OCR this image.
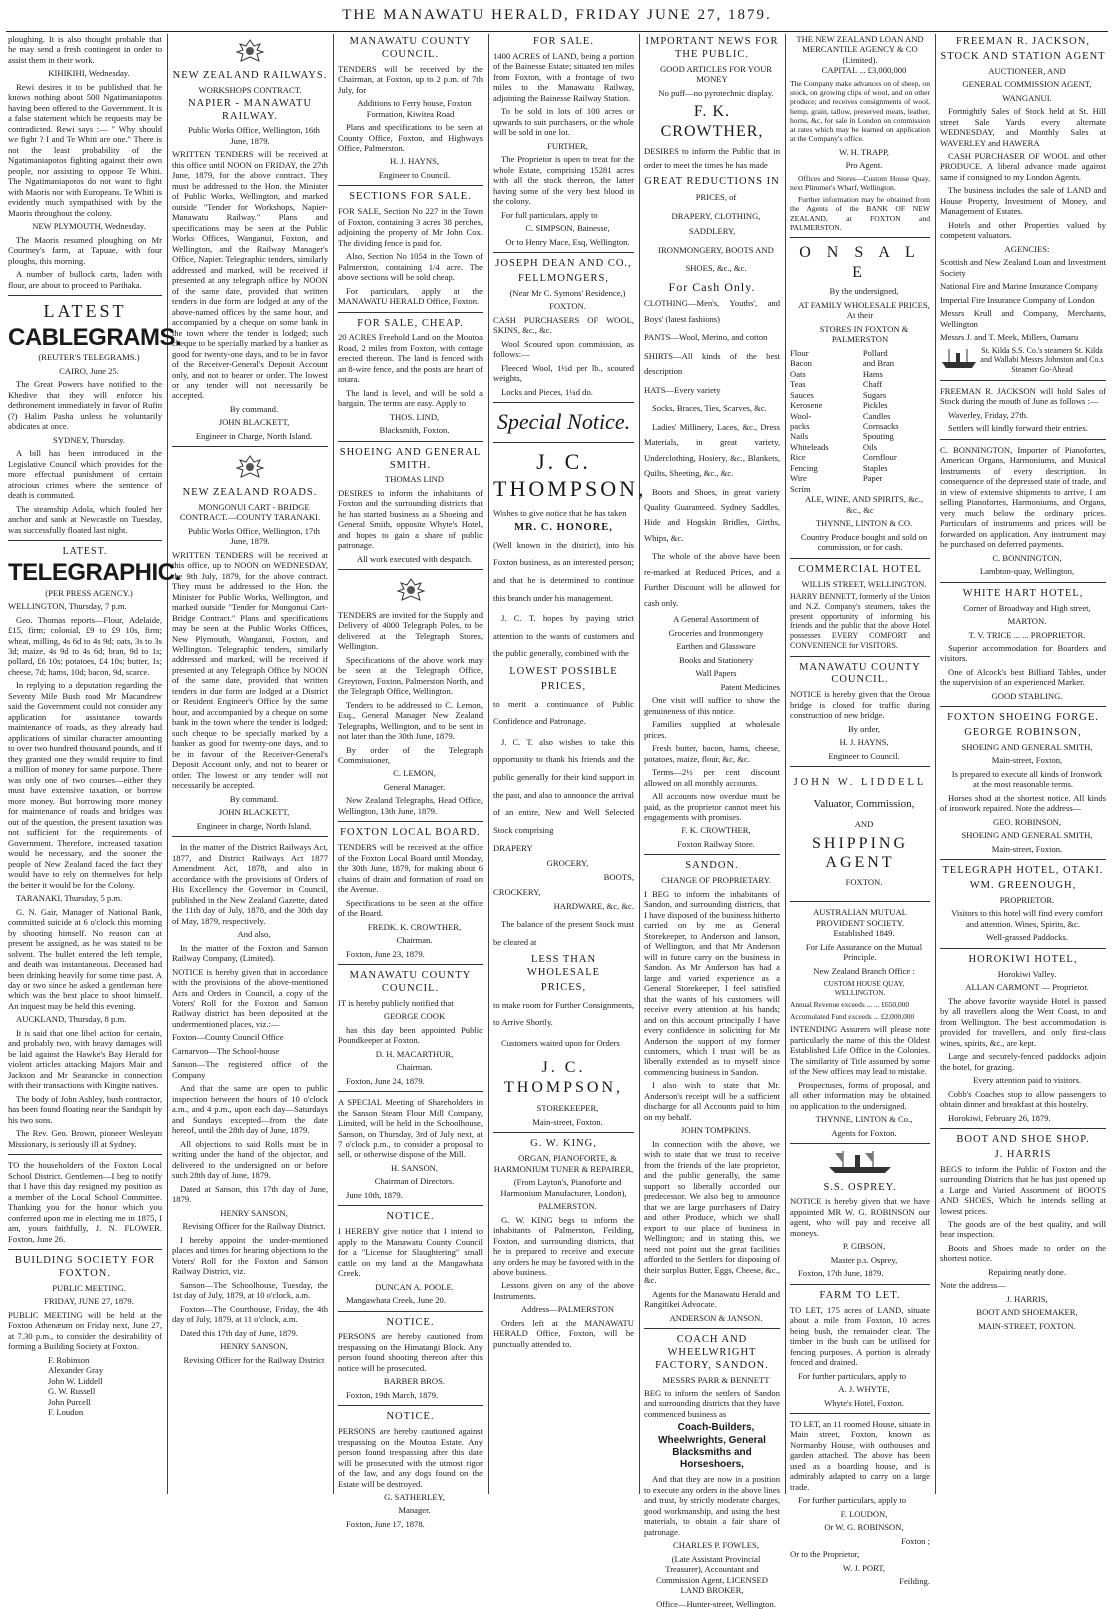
THE MANAWATU HERALD, FRIDAY JUNE 27, 1879.

ploughing. It is also thought probable that he may send a fresh contingent in order to assist them in their work.

KIHIKIHI, Wednesday.

Rewi desires it to be published that he knows nothing about 500 Ngatimaniapotos having been offered to the Government. It is a false statement which he requests may be contradicted. Rewi says :— " Why should we fight ? I and Te Whiti are one." There is not the least probability of the Ngatimaniapotos fighting against their own people, nor assisting to oppose Te Whiti. The Ngatimaniapotos do not want to fight with Maoris nor with Europeans. Te Whiti is evidently much sympathised with by the Maoris throughout the colony.

NEW PLYMOUTH, Wednesday.

The Maoris resumed ploughing on Mr Courtney's farm, at Tapuae, with four ploughs, this morning.

A number of bullock carts, laden with flour, are about to proceed to Parihaka.

LATEST
CABLEGRAMS.

(REUTER'S TELEGRAMS.)

CAIRO, June 25.

The Great Powers have notified to the Khedive that they will enforce his dethronement immediately in favor of Rufin (?) Halim Pasha unless he voluntarily abdicates at once.

SYDNEY, Thursday.

A bill has been introduced in the Legislative Council which provides for the more effectual punishment of certain atrocious crimes where the sentence of death is commuted.

The steamship Adola, which fouled her anchor and sank at Newcastle on Tuesday, was successfully floated last night.

LATEST.
TELEGRAPHIC.

(PER PRESS AGENCY.)

WELLINGTON, Thursday, 7 p.m.

Geo. Thomas reports—Flour, Adelaide, £15, firm; colonial, £9 to £9 10s, firm; wheat, milling, 4s 6d to 4s 9d; oats, 3s to 3s 3d; maize, 4s 9d to 4s 6d; bran, 9d to 1s; pollard, £6 10s; potatoes, £4 10s; butter, 1s; cheese, 7d; hams, 10d; bacon, 9d, scarce.

In replying to a deputation regarding the Seventy Mile Bush road Mr Macandrew said the Government could not consider any application for assistance towards maintenance of roads, as they already had applications of similar character amounting to over two hundred thousand pounds, and if they granted one they would require to find a million of money for same purpose. There was only one of two courses—either they must have extensive taxation, or borrow more money. But borrowing more money for maintenance of roads and bridges was out of the question, the present taxation was not sufficient for the requirements of Government. Therefore, increased taxation would be necessary, and the sooner the people of New Zealand faced the fact they would have to rely on themselves for help the better it would be for the Colony.

TARANAKI, Thursday, 5 p.m.

G. N. Gair, Manager of National Bank, committed suicide at 6 o'clock this morning by shooting himself. No reason can at present be assigned, as he was stated to be solvent. The bullet entered the left temple, and death was instantaneous. Deceased had been drinking heavily for some time past. A day or two since he asked a gentleman here which was the best place to shoot himself. An inquest may be held this evening.

AUCKLAND, Thursday, 8 p.m.

It is said that one libel action for certain, and probably two, with heavy damages will be laid against the Hawke's Bay Herald for violent articles attacking Majors Mair and Jackson and Mr Searancke in connection with their transactions with Kingite natives.

The body of John Ashley, bush contractor, has been found floating near the Sandspit by his two sons.

The Rev. Geo. Brown, pioneer Wesleyan Missionary, is seriously ill at Sydney.

TO the householders of the Foxton Local School District. Gentlemen—I beg to notify that I have this day resigned my position as a member of the Local School Committee. Thanking you for the honor which you conferred upon me in electing me in 1875, I am, yours faithfully, J. N. FLOWER. Foxton, June 26.

BUILDING SOCIETY FOR FOXTON.

PUBLIC MEETING.

FRIDAY, JUNE 27, 1879.

PUBLIC MEETING will be held at the Foxton Athenæum on Friday next, June 27, at 7.30 p.m., to consider the desirability of forming a Building Society at Foxton.

F. Robinson
Alexander Gray
John W. Liddell
G. W. Russell
John Purcell
F. Loudon
NEW ZEALAND RAILWAYS.
WORKSHOPS CONTRACT.
NAPIER - MANAWATU RAILWAY.

Public Works Office, Wellington, 16th June, 1879.

WRITTEN TENDERS will be received at this office until NOON on FRIDAY, the 27th June, 1879, for the above contract. They must be addressed to the Hon. the Minister of Public Works, Wellington, and marked outside "Tender for Workshops, Napier-Manawatu Railway." Plans and specifications may be seen at the Public Works Offices, Wanganui, Foxton, and Wellington, and the Railway Manager's Office, Napier. Telegraphic tenders, similarly addressed and marked, will be received if presented at any telegraph office by NOON of the same date, provided that written tenders in due form are lodged at any of the above-named offices by the same hour, and accompanied by a cheque on some bank in the town where the tender is lodged; such cheque to be specially marked by a banker as good for twenty-one days, and to be in favor of the Receiver-General's Deposit Account only, and not to bearer or order. The lowest or any tender will not necessarily be accepted.

By command.

JOHN BLACKETT,

Engineer in Charge, North Island.

NEW ZEALAND ROADS.

MONGONUI CART - BRIDGE CONTRACT.—COUNTY TARANAKI.

Public Works Office, Wellington, 17th June, 1879.

WRITTEN TENDERS will be received at this office, up to NOON on WEDNESDAY, the 9th July, 1879, for the above contract. They must be addressed to the Hon. the Minister for Public Works, Wellington, and marked outside "Tender for Mongonui Cart-Bridge Contract." Plans and specifications may be seen at the Public Works Offices, New Plymouth, Wanganui, Foxton, and Wellington. Telegraphic tenders, similarly addressed and marked, will be received if presented at any Telegraph Office by NOON of the same date, provided that written tenders in due form are lodged at a District or Resident Engineer's Office by the same hour, and accompanied by a cheque on some bank in the town where the tender is lodged; such cheque to be specially marked by a banker as good for twenty-one days, and to be in favour of the Receiver-General's Deposit Account only, and not to bearer or order. The lowest or any tender will not necessarily be accepted.

By command.

JOHN BLACKETT,

Engineer in charge, North Island.

In the matter of the District Railways Act, 1877, and District Railways Act 1877 Amendment Act, 1878, and also in accordance with the provisions of Orders of His Excellency the Governor in Council, published in the New Zealand Gazette, dated the 11th day of July, 1878, and the 30th day of May, 1879, respectively.

And also,

In the matter of the Foxton and Sanson Railway Company, (Limited).

NOTICE is hereby given that in accordance with the provisions of the above-mentioned Acts and Orders in Council, a copy of the Voters' Roll for the Foxton and Sanson Railway district has been deposited at the undermentioned places, viz.:—

Foxton—County Council Office

Carnarvon—The School-house

Sanson—The registered office of the Company

And that the same are open to public inspection between the hours of 10 o'clock a.m., and 4 p.m., upon each day—Saturdays and Sundays excepted—from the date hereof, until the 28th day of June, 1879.

All objections to said Rolls must be in writing under the hand of the objector, and delivered to the undersigned on or before such 28th day of June, 1879.

Dated at Sanson, this 17th day of June, 1879.

HENRY SANSON,

Revising Officer for the Railway District.

I hereby appoint the under-mentioned places and times for hearing objections to the Voters' Roll for the Foxton and Sanson Railway District, viz.

Sanson—The Schoolhouse, Tuesday, the 1st day of July, 1879, at 10 o'clock, a.m.

Foxton—The Courthouse, Friday, the 4th day of July, 1879, at 11 o'clock, a.m.

Dated this 17th day of June, 1879.

HENRY SANSON,

Revising Officer for the Railway District

MANAWATU COUNTY COUNCIL.

TENDERS will be received by the Chairman, at Foxton, up to 2 p.m. of 7th July, for

Additions to Ferry house, Foxton Formation, Kiwitea Road

Plans and specifications to be seen at County Office, Foxton, and Highways Office, Palmerston.

H. J. HAYNS,

Engineer to Council.

SECTIONS FOR SALE.

FOR SALE, Section No 227 in the Town of Foxton, containing 3 acres 38 perches, adjoining the property of Mr John Cox. The dividing fence is paid for.

Also, Section No 1054 in the Town of Palmerston, containing 1/4 acre. The above sections will be sold cheap.

For particulars, apply at the MANAWATU HERALD Office, Foxton.

FOR SALE, CHEAP.

20 ACRES Freehold Land on the Moutoa Road, 2 miles from Foxton, with cottage erected thereon. The land is fenced with an 8-wire fence, and the posts are heart of totara.

The land is level, and will be sold a bargain. The terms are easy. Apply to

THOS. LIND,

Blacksmith, Foxton.

SHOEING AND GENERAL SMITH.

THOMAS LIND

DESIRES to inform the inhabitants of Foxton and the surrounding districts that he has started business as a Shoeing and General Smith, opposite Whyte's Hotel, and hopes to gain a share of public patronage.

All work executed with despatch.

TENDERS are invited for the Supply and Delivery of 4000 Telegraph Poles, to be delivered at the Telegraph Stores, Wellington.

Specifications of the above work may be seen at the Telegraph Office, Greytown, Foxton, Palmerston North, and the Telegraph Office, Wellington.

Tenders to be addressed to C. Lemon, Esq., General Manager New Zealand Telegraphs, Wellington, and to be sent in not later than the 30th June, 1879.

By order of the Telegraph Commissioner,

C. LEMON,

General Manager.

New Zealand Telegraphs, Head Office, Wellington, 13th June, 1879.

FOXTON LOCAL BOARD.

TENDERS will be received at the office of the Foxton Local Board until Monday, the 30th June, 1879, for making about 6 chains of drain and formation of road on the Avenue.

Specifications to be seen at the office of the Board.

FREDK. K. CROWTHER,

Chairman.

Foxton, June 23, 1879.

MANAWATU COUNTY COUNCIL.

IT is hereby publicly notified that

GEORGE COOK

has this day been appointed Public Poundkeeper at Foxton.

D. H. MACARTHUR,

Chairman.

Foxton, June 24, 1879.

A SPECIAL Meeting of Shareholders in the Sanson Steam Flour Mill Company, Limited, will be held in the Schoolhouse, Sanson, on Thursday, 3rd of July next, at 7 o'clock p.m., to consider a proposal to sell, or otherwise dispose of the Mill.

H. SANSON,

Chairman of Directors.

June 10th, 1879.

NOTICE.

I HEREBY give notice that I intend to apply to the Manawatu County Council for a "License for Slaughtering" small cattle on my land at the Mangawhata Creek.

DUNCAN A. POOLE.

Mangawhata Creek, June 20.

NOTICE.

PERSONS are hereby cautioned from trespassing on the Himatangi Block. Any person found shooting thereon after this notice will be prosecuted.

BARBER BROS.

Foxton, 19th March, 1879.

NOTICE.

PERSONS are hereby cautioned against trespassing on the Moutoa Estate. Any person found trespassing after this date will be prosecuted with the utmost rigor of the law, and any dogs found on the Estate will be destroyed.

G. SATHERLEY,

Manager.

Foxton, June 17, 1878.

FOR SALE.

1400 ACRES of LAND, being a portion of the Bainesse Estate; situated ten miles from Foxton, with a frontage of two miles to the Manawatu Railway, adjoining the Bainesse Railway Station.

To be sold in lots of 100 acres or upwards to suit purchasers, or the whole will be sold in one lot.

FURTHER,

The Proprietor is open to treat for the whole Estate, comprising 15281 acres with all the stock thereon, the latter having some of the very best blood in the colony.

For full particulars, apply to

C. SIMPSON, Bainesse,

Or to Henry Mace, Esq, Wellington.

JOSEPH DEAN AND CO.,
FELLMONGERS,

(Near Mr C. Symons' Residence,)

FOXTON.

CASH PURCHASERS OF WOOL, SKINS, &c., &c.

Wool Scoured upon commission, as follows:—

Fleeced Wool, 1½d per lb., scoured weights,

Locks and Pieces, 1¼d do.

Special Notice.
J. C. THOMPSON,

Wishes to give notice that he has taken

MR. C. HONORE,

(Well known in the district), into his Foxton business, as an interested person; and that he is determined to continue this branch under his management.

J. C. T. hopes by paying strict attention to the wants of customers and the public generally, combined with the

LOWEST POSSIBLE
PRICES,

to merit a continuance of Public Confidence and Patronage.

J. C. T. also wishes to take this opportunity to thank his friends and the public generally for their kind support in the past, and also to announce the arrival of an entire, New and Well Selected Stock comprising

DRAPERY

GROCERY,

BOOTS,

CROCKERY,

HARDWARE, &c, &c.

The balance of the present Stock must be cleared at

LESS THAN WHOLESALE
PRICES,

to make room for Further Consignments, to Arrive Shortly.

Customers waited upon for Orders

J. C. THOMPSON,

STOREKEEPER,

Main-street, Foxton.

G. W. KING,

ORGAN, PIANOFORTE, & HARMONIUM TUNER & REPAIRER,

(From Layton's, Pianoforte and Harmonium Manufacturer, London),

PALMERSTON.

G. W. KING begs to inform the inhabitants of Palmerston, Feilding, Foxton, and surrounding districts, that he is prepared to receive and execute any orders he may be favored with in the above business.

Lessons given on any of the above Instruments.

Address—PALMERSTON

Orders left at the MANAWATU HERALD Office, Foxton, will be punctually attended to.

IMPORTANT NEWS FOR THE PUBLIC.

GOOD ARTICLES FOR YOUR MONEY

No puff—no pyrotechnic display.

F. K. CROWTHER,

DESIRES to inform the Public that in order to meet the times he has made

GREAT REDUCTIONS IN

PRICES, of

DRAPERY, CLOTHING, SADDLERY,

IRONMONGERY, BOOTS AND

SHOES, &c., &c.

For Cash Only.

CLOTHING—Men's, Youths', and Boys' (latest fashions)

PANTS—Wool, Merino, and cotton

SHIRTS—All kinds of the best description

HATS—Every variety

Socks, Braces, Ties, Scarves, &c.

Ladies' Millinery, Laces, &c., Dress Materials, in great variety, Underclothing, Hosiery, &c., Blankets, Quilts, Sheeting, &c., &c.

Boots and Shoes, in great variety Quality Guaranteed. Sydney Saddles, Hide and Hogskin Bridles, Girths, Whips, &c.

The whole of the above have been re-marked at Reduced Prices, and a Further Discount will be allowed for cash only.

A General Assortment of

Groceries and Ironmongery

Earthen and Glassware

Books and Stationery

Wall Papers

Patent Medicines

One visit will suffice to show the genuineness of this notice.

Families supplied at wholesale prices.

Fresh butter, bacon, hams, cheese, potatoes, maize, flour, &c, &c.

Terms—2½ per cent discount allowed on all monthly accounts.

All accounts now overdue must be paid, as the proprietor cannot meet his engagements with promises.

F. K. CROWTHER,

Foxton Railway Store.

SANDON.

CHANGE OF PROPRIETARY.

I BEG to inform the inhabitants of Sandon, and surrounding districts, that I have disposed of the business hitherto carried on by me as General Storekeeper, to Anderson and Janson, of Wellington, and that Mr Anderson will in future carry on the business in Sandon. As Mr Anderson has had a large and varied experience as a General Storekeeper, I feel satisfied that the wants of his customers will receive every attention at his hands; and on this account principally I have every confidence in soliciting for Mr Anderson the support of my former customers, which I trust will be as liberally extended as to myself since commencing business in Sandon.

I also wish to state that Mr. Anderson's receipt will be a sufficient discharge for all Accounts paid to him on my behalf.

JOHN TOMPKINS.

In connection with the above, we wish to state that we trust to receive from the friends of the late proprietor, and the public generally, the same support so liberally accorded our predecessor. We also beg to announce that we are large purchasers of Dairy and other Produce, which we shall export to our place of business in Wellington; and in stating this, we need not point out the great facilities afforded to the Settlers for disposing of their surplus Butter, Eggs, Cheese, &c., &c.

Agents for the Manawatu Herald and Rangitikei Advocate.

ANDERSON & JANSON.

COACH AND WHEELWRIGHT FACTORY, SANDON.

MESSRS PARR & BENNETT

BEG to inform the settlers of Sandon and surrounding districts that they have commenced business as

Coach-Builders, Wheelwrights, General Blacksmiths and Horseshoers,

And that they are now in a position to execute any orders in the above lines and trust, by strictly moderate charges, good workmanship, and using the best materials, to obtain a fair share of patronage.

CHARLES P. FOWLES,

(Late Assistant Provincial Treasurer), Accountant and Commission Agent, LICENSED LAND BROKER,

Office—Hunter-street, Wellington.

THE NEW ZEALAND LOAN AND MERCANTILE AGENCY & CO (Limited).

CAPITAL ... £3,000,000

The Company make advances on of sheep, on stock, on growing clips of wool, and on other produce; and receives consignments of wool, hemp, grain, tallow, preserved meats, leather, horns, &c, for sale in London on commission at rates which may be learned on application at the Company's office.

W. H. TRAPP,

Pro Agent.

Offices and Stores—Custom House Quay, next Plimmer's Wharf, Wellington.

Further information may be obtained from the Agents of the BANK OF NEW ZEALAND, at FOXTON and PALMERSTON.

O N S A L E

By the undersigned,

AT FAMILY WHOLESALE PRICES, At their

STORES IN FOXTON & PALMERSTON

Flour
Bacon
Oats
Teas
Sauces
Kerosene
Wool-packs
Nails
Whiteleads
Rice
Fencing Wire
Scrim
Pollard and Bran
Hams
Chaff
Sugars
Pickles
Candles
Cornsacks
Spouting
Oils
Cornflour
Staples
Paper

ALE, WINE, AND SPIRITS, &c., &c., &c

THYNNE, LINTON & CO.

Country Produce bought and sold on commission, or for cash.

COMMERCIAL HOTEL

WILLIS STREET, WELLINGTON.

HARRY BENNETT, formerly of the Union and N.Z. Company's steamers, takes the present opportunity of informing his friends and the public that the above Hotel possesses EVERY COMFORT and CONVENIENCE for VISITORS.

MANAWATU COUNTY COUNCIL.

NOTICE is hereby given that the Oroua bridge is closed for traffic during construction of new bridge.

By order,

H. J. HAYNS,

Engineer to Council.

JOHN W. LIDDELL

Valuator, Commission,

AND

SHIPPING AGENT

FOXTON.

AUSTRALIAN MUTUAL PROVIDENT SOCIETY.

Established 1849.

For Life Assurance on the Mutual Principle.

New Zealand Branch Office :

CUSTOM HOUSE QUAY, WELLINGTON.

Annual Revenue exceeds ... ... £650,000

Accumulated Fund exceeds ... £2,000,000

INTENDING Assurers will please note particularly the name of this the Oldest Established Life Office in the Colonies. The similarity of Title assumed by some of the New offices may lead to mistake.

Prospectuses, forms of proposal, and all other information may be obtained on application to the undersigned.

THYNNE, LINTON & Co.,

Agents for Foxton.

S.S. OSPREY.

NOTICE is hereby given that we have appointed MR W. G. ROBINSON our agent, who will pay and receive all moneys.

P. GIBSON,

Master p.s. Osprey,

Foxton, 17th June, 1879.

FARM TO LET.

TO LET, 175 acres of LAND, situate about a mile from Foxton, 10 acres being bush, the remainder clear. The timber in the bush can be utilised for fencing purposes. A portion is already fenced and drained.

For further particulars, apply to

A. J. WHYTE,

Whyte's Hotel, Foxton.

TO LET, an 11 roomed House, situate in Main street, Foxton, known as Normanby House, with outhouses and garden attached. The above has been used as a boarding house, and is admirably adapted to carry on a large trade.

For further particulars, apply to

F. LOUDON,

Or W. G. ROBINSON,

Foxton ;

Or to the Proprietor,

W. J. PORT,

Feilding.

FREEMAN R. JACKSON,
STOCK AND STATION AGENT

AUCTIONEER, AND

GENERAL COMMISSION AGENT,

WANGANUI.

Fortnightly Sales of Stock held at St. Hill street Sale Yards every alternate WEDNESDAY, and Monthly Sales at WAVERLEY and HAWERA

CASH PURCHASER OF WOOL and other PRODUCE. A liberal advance made against same if consigned to my London Agents.

The business includes the sale of LAND and House Property, Investment of Money, and Management of Estates.

Hotels and other Properties valued by competent valuators.

AGENCIES:

Scottish and New Zealand Loan and Investment Society

National Fire and Marine Insurance Company

Imperial Fire Insurance Company of London

Messrs Krull and Company, Merchants, Wellington

Messrs J. and T. Meek, Millers, Oamaru

St. Kilda S.S. Co.'s steamers St. Kilda and Wallabi Messrs Johnston and Co.s Steamer Go-Ahead

FREEMAN R. JACKSON will hold Sales of Stock during the mouth of June as follows :—

Waverley, Friday, 27th.

Settlers will kindly forward their entries.

C. BONNINGTON, Importer of Pianofortes, American Organs, Harmoniums, and Musical Instruments of every description. In consequence of the depressed state of trade, and in view of extensive shipments to arrive, I am selling Pianofortes, Harmoniums, and Organs, very much below the ordinary prices. Particulars of instruments and prices will be forwarded on application. Any instrument may be purchased on deferred payments.

C. BONNINGTON,

Lambton-quay, Wellington,

WHITE HART HOTEL,

Corner of Broadway and High street,

MARTON.

T. V. TRICE ... ... PROPRIETOR.

Superior accommodation for Boarders and visitors.

One of Alcock's best Billiard Tables, under the supervision of an experienced Marker.

GOOD STABLING.

FOXTON SHOEING FORGE.
GEORGE ROBINSON,

SHOEING AND GENERAL SMITH,

Main-street, Foxton,

Is prepared to execute all kinds of Ironwork at the most reasonable terms.

Horses shod at the shortest notice. All kinds of ironwork repaired. Note the address—

GEO. ROBINSON,

SHOEING AND GENERAL SMITH,

Main-street, Foxton.

TELEGRAPH HOTEL, OTAKI.
WM. GREENOUGH,

PROPRIETOR.

Visitors to this hotel will find every comfort and attention. Wines, Spirits, &c.

Well-grassed Paddocks.

HOROKIWI HOTEL,

Horokiwi Valley.

ALLAN CARMONT — Proprietor.

The above favorite wayside Hotel is passed by all travellers along the West Coast, to and from Wellington. The best accommodation is provided for travellers, and only first-class wines, spirits, &c., are kept.

Large and securely-fenced paddocks adjoin the hotel, for grazing.

Every attention paid to visitors.

Cobb's Coaches stop to allow passengers to obtain dinner and breakfast at this hostelry.

Horokiwi, February 26, 1879.

BOOT AND SHOE SHOP.
J. HARRIS

BEGS to inform the Public of Foxton and the surrounding Districts that he has just opened up a Large and Varied Assortment of BOOTS AND SHOES, Which he intends selling at lowest prices.

The goods are of the best quality, and will bear inspection.

Boots and Shoes made to order on the shortest notice.

Repairing neatly done.

Note the address—

J. HARRIS,

BOOT AND SHOEMAKER,

MAIN-STREET, FOXTON.
